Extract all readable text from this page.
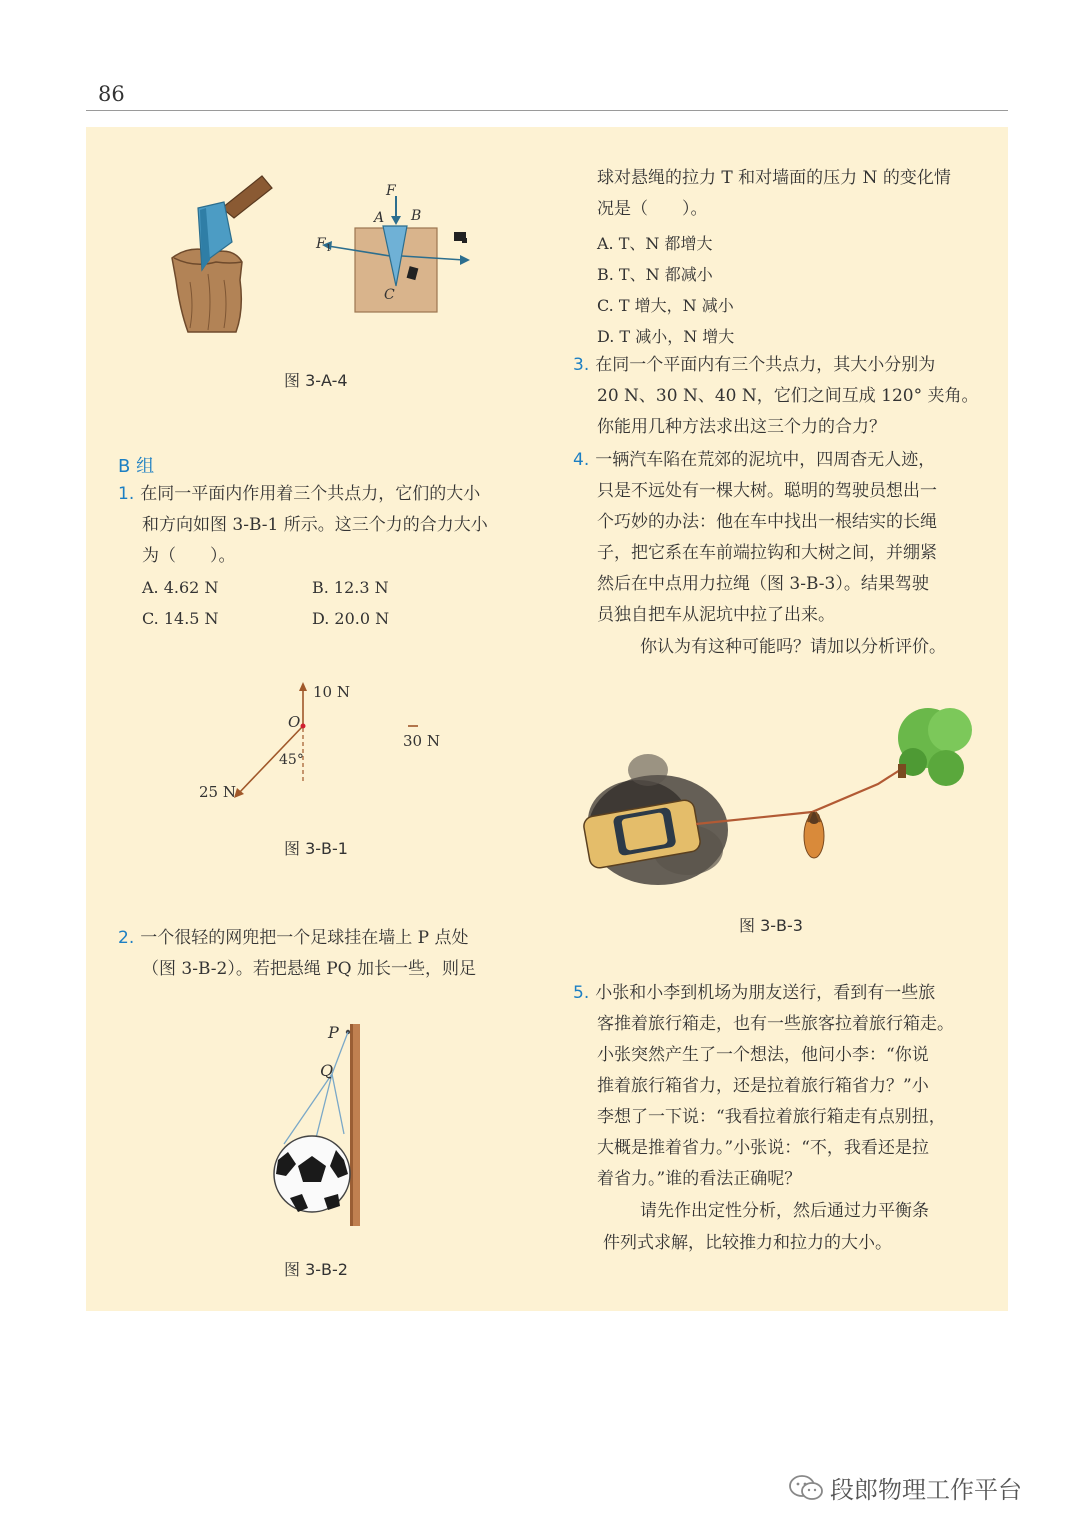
86
F
A B
$F_1$
C
图 3-A-4
B 组
1. 在同一平面内作用着三个共点力，它们的大小
和方向如图 3-B-1 所示。这三个力的合力大小
为（　　）。
A. 4.62 N	B. 12.3 N
C. 14.5 N	D. 20.0 N
10 N
O
30 N
45°
25 N
图 3-B-1
2. 一个很轻的网兜把一个足球挂在墙上 P 点处
（图 3-B-2）。若把悬绳 PQ 加长一些，则足
球对悬绳的拉力 T 和对墙面的压力 N 的变化情
况是（　　）。
A. T、N 都增大
B. T、N 都减小
C. T 增大，N 减小
D. T 减小，N 增大
P
Q
图 3-B-2
3. 在同一个平面内有三个共点力，其大小分别为
20 N、30 N、40 N，它们之间互成 120° 夹角。
你能用几种方法求出这三个力的合力？
4. 一辆汽车陷在荒郊的泥坑中，四周杳无人迹，
只是不远处有一棵大树。聪明的驾驶员想出一
个巧妙的办法：他在车中找出一根结实的长绳
子，把它系在车前端拉钩和大树之间，并绷紧
然后在中点用力拉绳（图 3-B-3）。结果驾驶
员独自把车从泥坑中拉了出来。
你认为有这种可能吗？请加以分析评价。
图 3-B-3
5. 小张和小李到机场为朋友送行，看到有一些旅
客推着旅行箱走，也有一些旅客拉着旅行箱走。
小张突然产生了一个想法，他问小李：“你说
推着旅行箱省力，还是拉着旅行箱省力？”小
李想了一下说：“我看拉着旅行箱走有点别扭，
大概是推着省力。”小张说：“不，我看还是拉
着省力。”谁的看法正确呢？
请先作出定性分析，然后通过力平衡条
件列式求解，比较推力和拉力的大小。
段郎物理工作平台
